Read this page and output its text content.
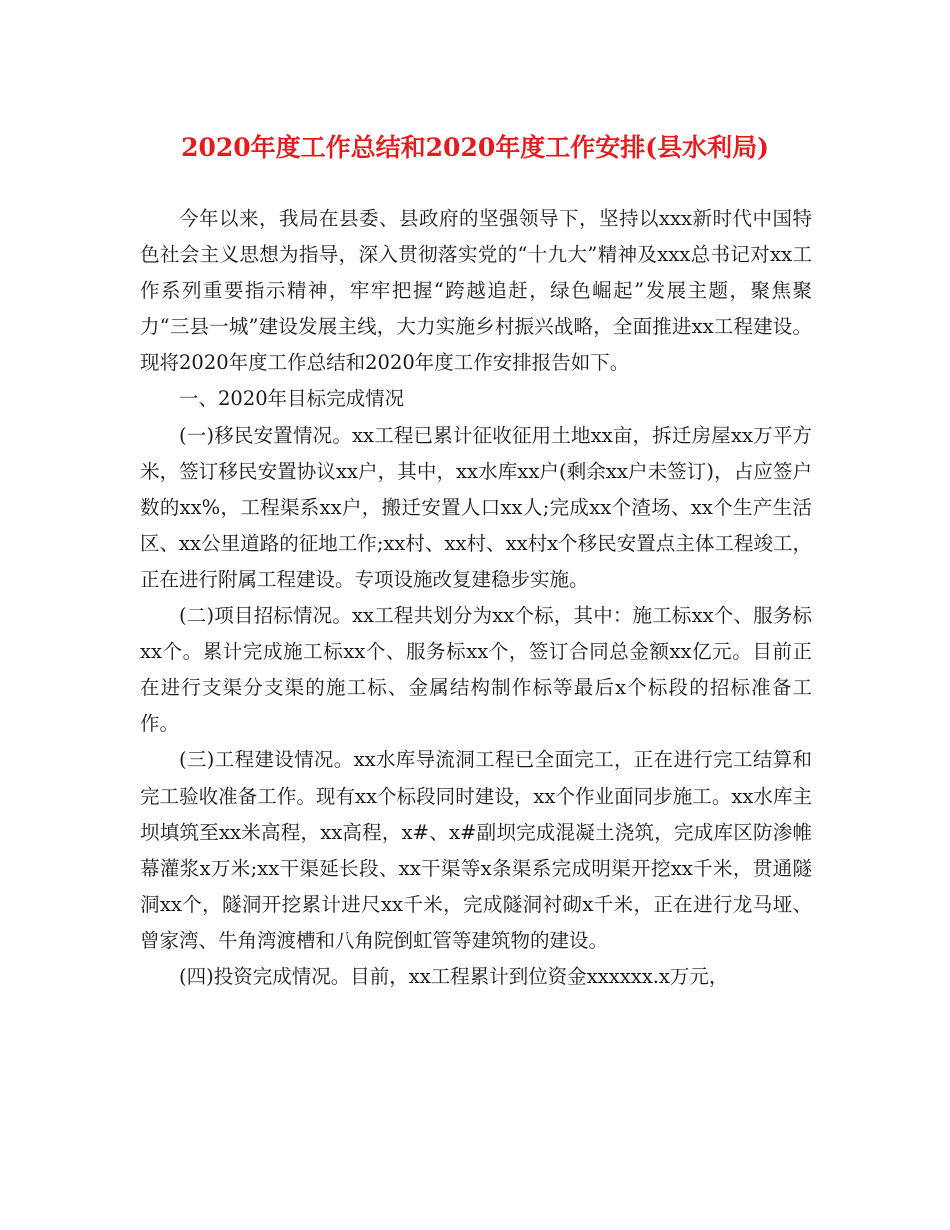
2020年度工作总结和2020年度工作安排(县水利局)

今年以来，我局在县委、县政府的坚强领导下，坚持以xxx新时代中国特色社会主义思想为指导，深入贯彻落实党的“十九大”精神及xxx总书记对xx工作系列重要指示精神，牢牢把握“跨越追赶，绿色崛起”发展主题，聚焦聚力“三县一城”建设发展主线，大力实施乡村振兴战略，全面推进xx工程建设。现将2020年度工作总结和2020年度工作安排报告如下。

一、2020年目标完成情况

(一)移民安置情况。xx工程已累计征收征用土地xx亩，拆迁房屋xx万平方米，签订移民安置协议xx户，其中，xx水库xx户(剩余xx户未签订)，占应签户数的xx%，工程渠系xx户，搬迁安置人口xx人;完成xx个渣场、xx个生产生活区、xx公里道路的征地工作;xx村、xx村、xx村x个移民安置点主体工程竣工，正在进行附属工程建设。专项设施改复建稳步实施。

(二)项目招标情况。xx工程共划分为xx个标，其中：施工标xx个、服务标xx个。累计完成施工标xx个、服务标xx个，签订合同总金额xx亿元。目前正在进行支渠分支渠的施工标、金属结构制作标等最后x个标段的招标准备工作。

(三)工程建设情况。xx水库导流洞工程已全面完工，正在进行完工结算和完工验收准备工作。现有xx个标段同时建设，xx个作业面同步施工。xx水库主坝填筑至xx米高程，xx高程，x#、x#副坝完成混凝土浇筑，完成库区防渗帷幕灌浆x万米;xx干渠延长段、xx干渠等x条渠系完成明渠开挖xx千米，贯通隧洞xx个，隧洞开挖累计进尺xx千米，完成隧洞衬砌x千米，正在进行龙马垭、曾家湾、牛角湾渡槽和八角院倒虹管等建筑物的建设。

(四)投资完成情况。目前，xx工程累计到位资金xxxxxx.x万元，
